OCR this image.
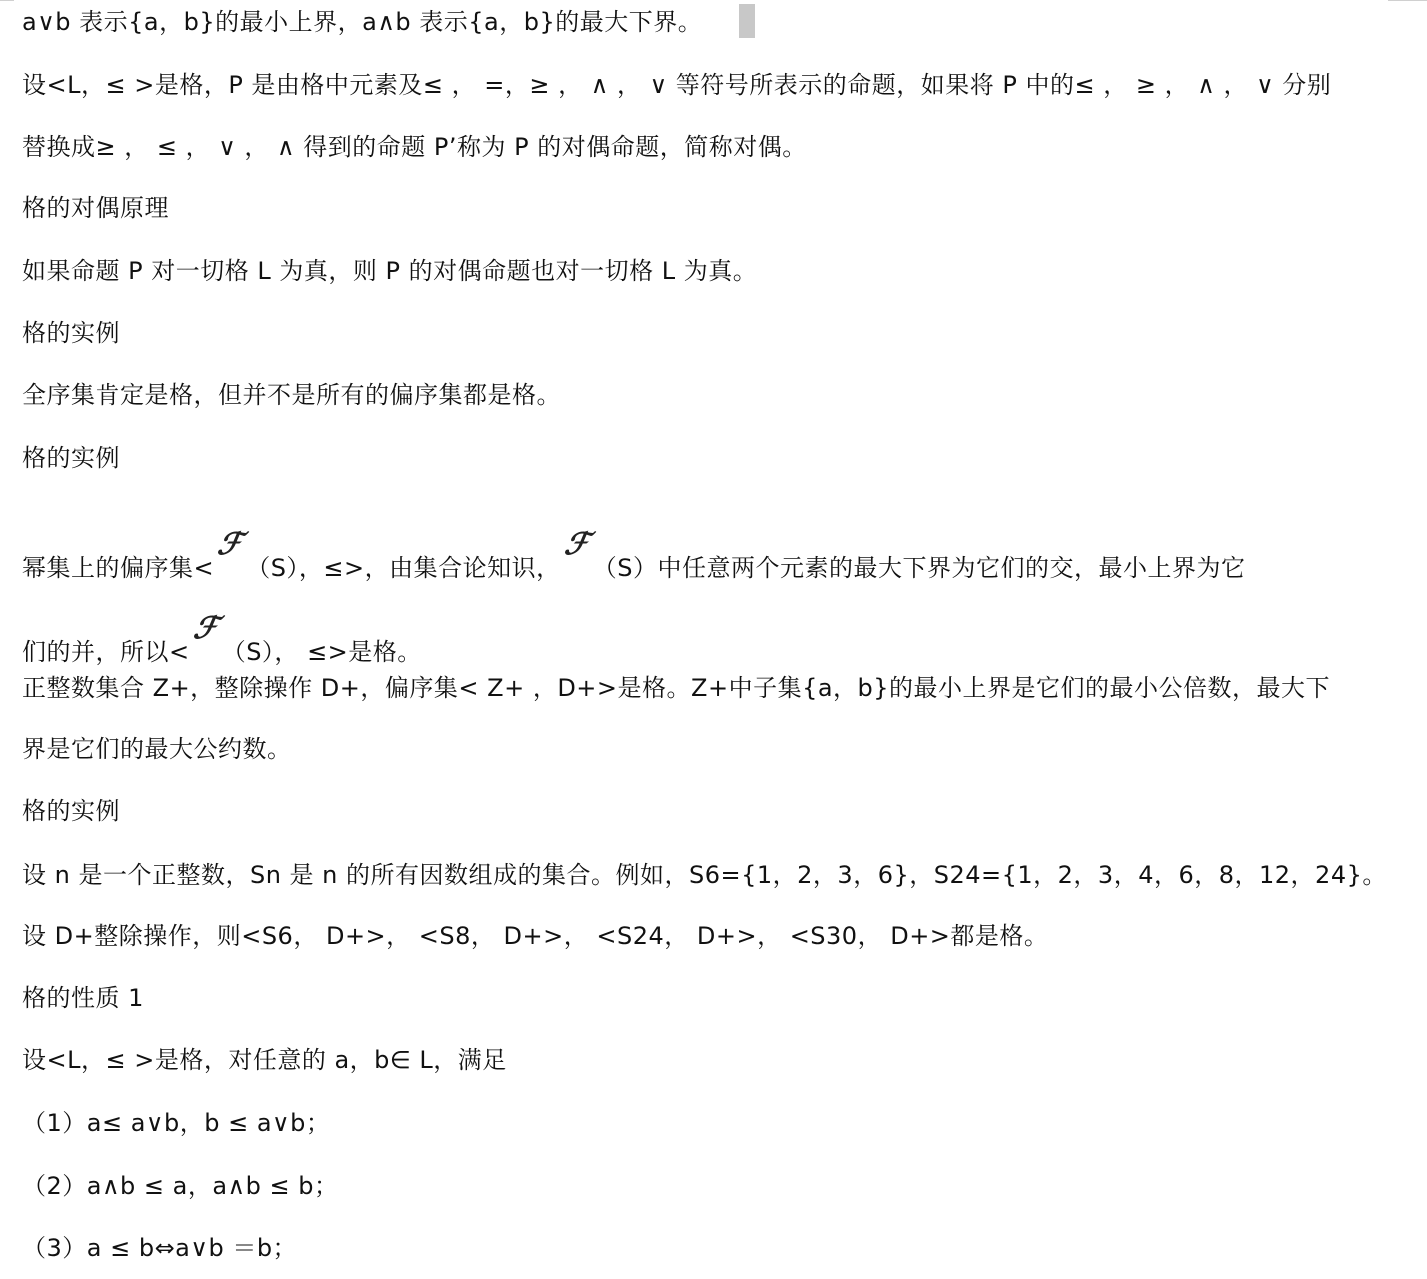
a∨b 表示{a，b}的最小上界，a∧b 表示{a，b}的最大下界。
设<L，≤ >是格，P 是由格中元素及≤ ， =，≥ ， ∧ ， ∨ 等符号所表示的命题，如果将 P 中的≤ ， ≥ ， ∧ ， ∨ 分别
替换成≥ ， ≤ ， ∨ ， ∧ 得到的命题 P’称为 P 的对偶命题，简称对偶。
格的对偶原理
如果命题 P 对一切格 L 为真，则 P 的对偶命题也对一切格 L 为真。
格的实例
全序集肯定是格，但并不是所有的偏序集都是格。
格的实例
幂集上的偏序集<ℱ（S），≤>，由集合论知识，ℱ（S）中任意两个元素的最大下界为它们的交，最小上界为它
们的并，所以<ℱ（S）， ≤>是格。
正整数集合 Z+，整除操作 D+，偏序集< Z+ ，D+>是格。Z+中子集{a，b}的最小上界是它们的最小公倍数，最大下
界是它们的最大公约数。
格的实例
设 n 是一个正整数，Sn 是 n 的所有因数组成的集合。例如，S6={1，2，3，6}，S24={1，2，3，4，6，8，12，24}。
设 D+整除操作，则<S6， D+>， <S8， D+>， <S24， D+>， <S30， D+>都是格。
格的性质 1
设<L，≤ >是格，对任意的 a，b∈ L，满足
（1）a≤ a∨b，b ≤ a∨b；
（2）a∧b ≤ a，a∧b ≤ b；
（3）a ≤ b⇔a∨b ＝b；
